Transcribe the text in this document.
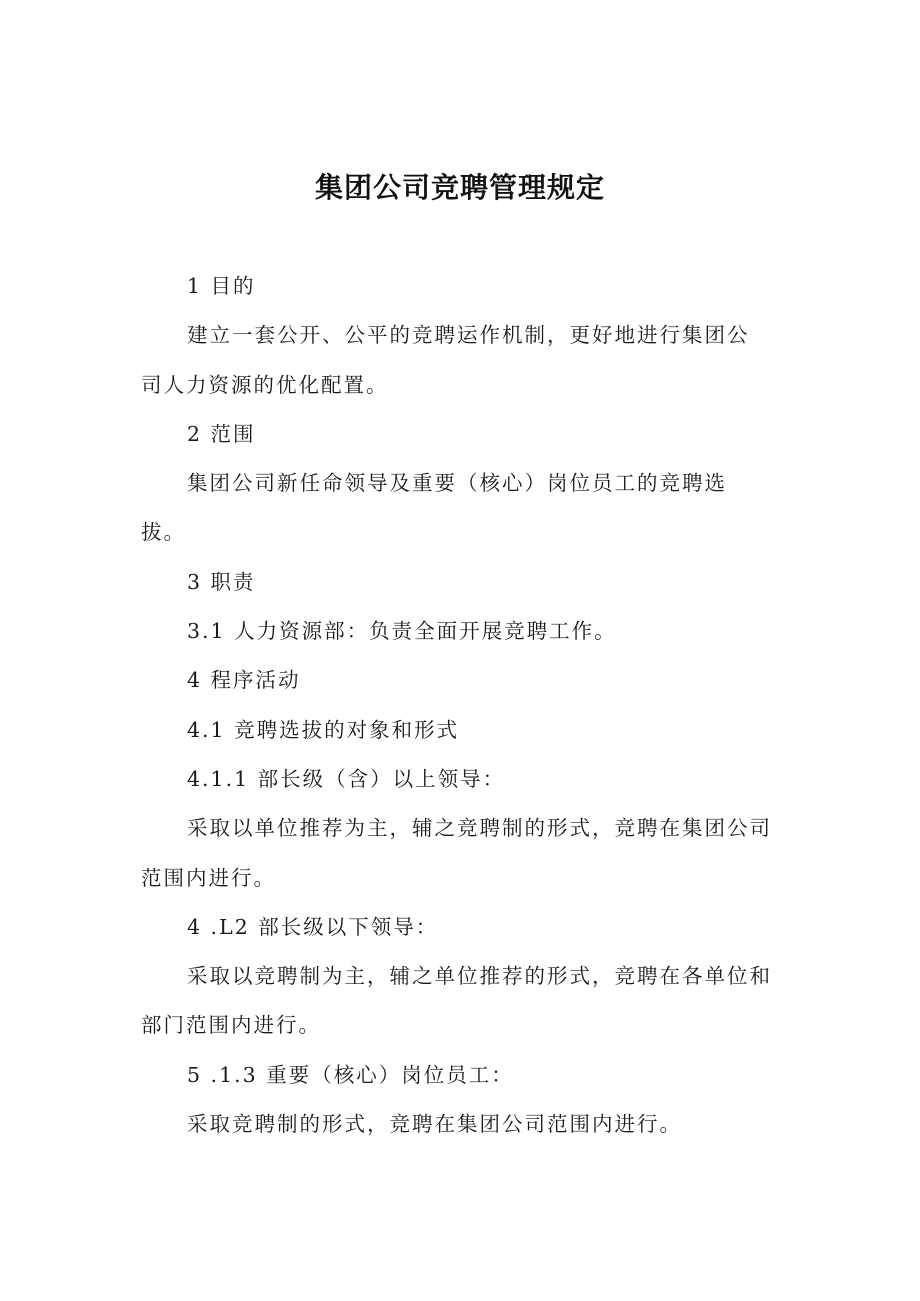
集团公司竞聘管理规定
1 目的
建立一套公开、公平的竞聘运作机制，更好地进行集团公
司人力资源的优化配置。
2 范围
集团公司新任命领导及重要（核心）岗位员工的竞聘选
拔。
3 职责
3.1 人力资源部：负责全面开展竞聘工作。
4 程序活动
4.1 竞聘选拔的对象和形式
4.1.1 部长级（含）以上领导：
采取以单位推荐为主，辅之竞聘制的形式，竞聘在集团公司
范围内进行。
4 .L2 部长级以下领导：
采取以竞聘制为主，辅之单位推荐的形式，竞聘在各单位和
部门范围内进行。
5 .1.3 重要（核心）岗位员工：
采取竞聘制的形式，竞聘在集团公司范围内进行。
